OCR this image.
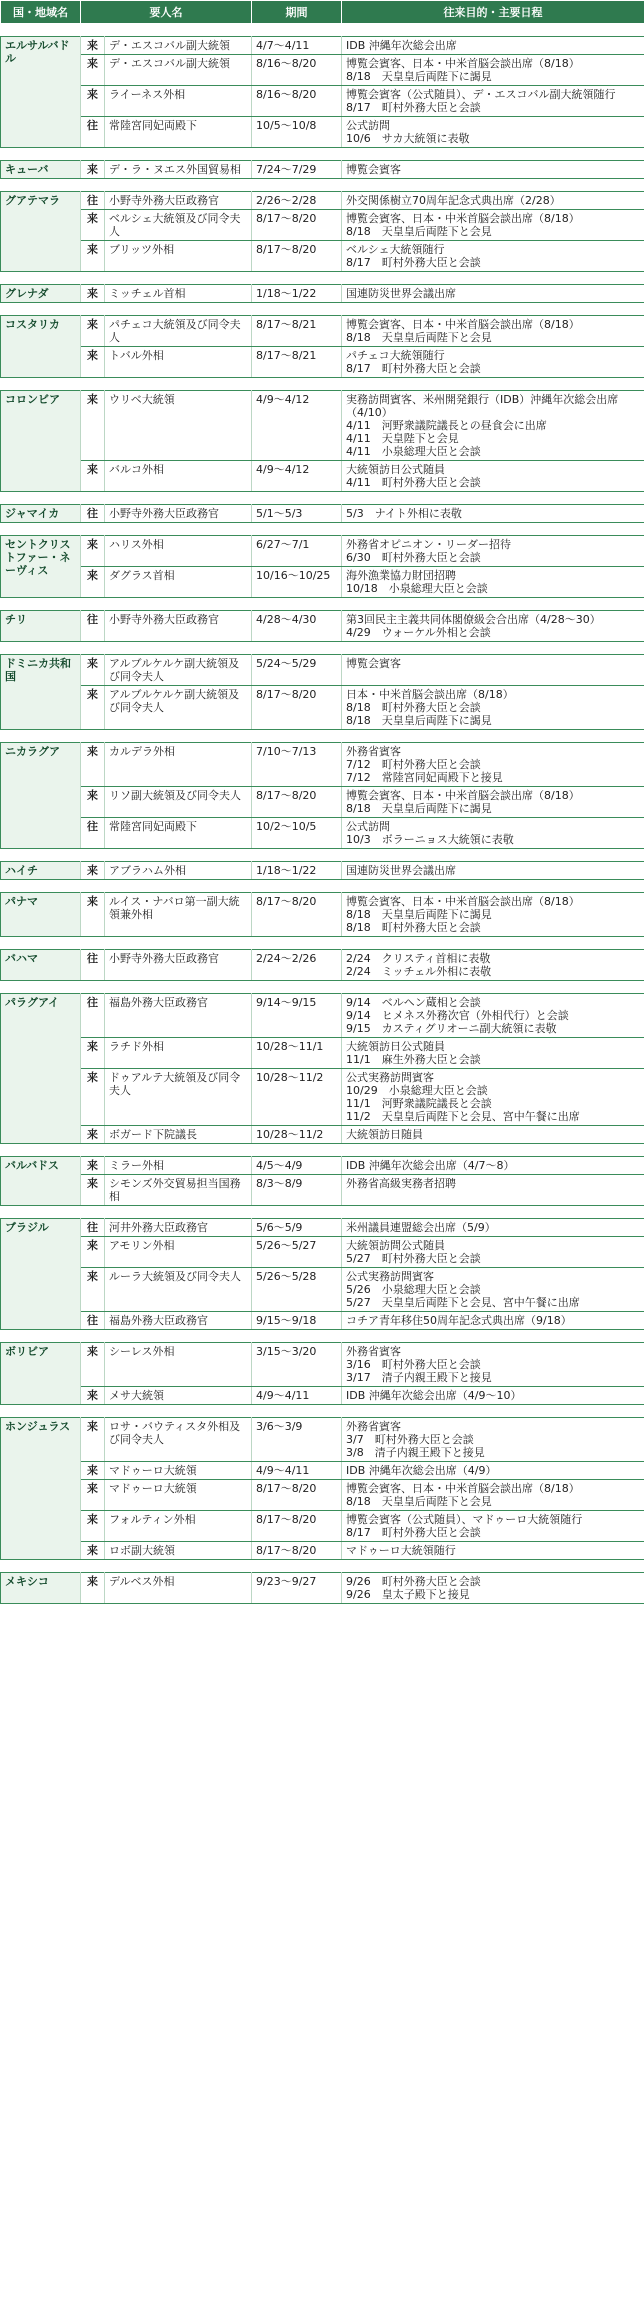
国・地域名	要人名		期間	往来目的・主要日程

エルサルバドル	来	デ・エスコバル副大統領	4/7〜4/11	IDB 沖縄年次総会出席

	来	デ・エスコバル副大統領	8/16〜8/20	博覧会賓客、日本・中米首脳会談出席（8/18）
8/18　天皇皇后両陛下に謁見

	来	ライーネス外相	8/16〜8/20	博覧会賓客（公式随員）、デ・エスコバル副大統領随行
8/17　町村外務大臣と会談

	往	常陸宮同妃両殿下	10/5〜10/8	公式訪問
10/6　サカ大統領に表敬

キューバ	来	デ・ラ・ヌエス外国貿易相	7/24〜7/29	博覧会賓客

グアテマラ	往	小野寺外務大臣政務官	2/26〜2/28	外交関係樹立70周年記念式典出席（2/28）

	来	ベルシェ大統領及び同令夫人	8/17〜8/20	博覧会賓客、日本・中米首脳会談出席（8/18）
8/18　天皇皇后両陛下と会見

	来	ブリッツ外相	8/17〜8/20	ベルシェ大統領随行
8/17　町村外務大臣と会談

グレナダ	来	ミッチェル首相	1/18〜1/22	国連防災世界会議出席

コスタリカ	来	パチェコ大統領及び同令夫人	8/17〜8/21	博覧会賓客、日本・中米首脳会談出席（8/18）
8/18　天皇皇后両陛下と会見

	来	トバル外相	8/17〜8/21	パチェコ大統領随行
8/17　町村外務大臣と会談

コロンビア	来	ウリベ大統領	4/9〜4/12	実務訪問賓客、米州開発銀行（IDB）沖縄年次総会出席（4/10）
4/11　河野衆議院議長との昼食会に出席
4/11　天皇陛下と会見
4/11　小泉総理大臣と会談

	来	バルコ外相	4/9〜4/12	大統領訪日公式随員
4/11　町村外務大臣と会談

ジャマイカ	往	小野寺外務大臣政務官	5/1〜5/3	5/3　ナイト外相に表敬

セントクリストファー・ネーヴィス	来	ハリス外相	6/27〜7/1	外務省オピニオン・リーダー招待
6/30　町村外務大臣と会談

	来	ダグラス首相	10/16〜10/25	海外漁業協力財団招聘
10/18　小泉総理大臣と会談

チリ	往	小野寺外務大臣政務官	4/28〜4/30	第3回民主主義共同体閣僚級会合出席（4/28〜30）
4/29　ウォーケル外相と会談

ドミニカ共和国	来	アルブルケルケ副大統領及び同令夫人	5/24〜5/29	博覧会賓客

	来	アルブルケルケ副大統領及び同令夫人	8/17〜8/20	日本・中米首脳会談出席（8/18）
8/18　町村外務大臣と会談
8/18　天皇皇后両陛下に謁見

ニカラグア	来	カルデラ外相	7/10〜7/13	外務省賓客
7/12　町村外務大臣と会談
7/12　常陸宮同妃両殿下と接見

	来	リソ副大統領及び同令夫人	8/17〜8/20	博覧会賓客、日本・中米首脳会談出席（8/18）
8/18　天皇皇后両陛下に謁見

	往	常陸宮同妃両殿下	10/2〜10/5	公式訪問
10/3　ボラーニョス大統領に表敬

ハイチ	来	アブラハム外相	1/18〜1/22	国連防災世界会議出席

パナマ	来	ルイス・ナバロ第一副大統領兼外相	8/17〜8/20	博覧会賓客、日本・中米首脳会談出席（8/18）
8/18　天皇皇后両陛下に謁見
8/18　町村外務大臣と会談

バハマ	往	小野寺外務大臣政務官	2/24〜2/26	2/24　クリスティ首相に表敬
2/24　ミッチェル外相に表敬

パラグアイ	往	福島外務大臣政務官	9/14〜9/15	9/14　ベルヘン蔵相と会談
9/14　ヒメネス外務次官（外相代行）と会談
9/15　カスティグリオーニ副大統領に表敬

	来	ラチド外相	10/28〜11/1	大統領訪日公式随員
11/1　麻生外務大臣と会談

	来	ドゥアルテ大統領及び同令夫人	10/28〜11/2	公式実務訪問賓客
10/29　小泉総理大臣と会談
11/1　河野衆議院議長と会談
11/2　天皇皇后両陛下と会見、宮中午餐に出席

	来	ボガード下院議長	10/28〜11/2	大統領訪日随員

バルバドス	来	ミラー外相	4/5〜4/9	IDB 沖縄年次総会出席（4/7〜8）

	来	シモンズ外交貿易担当国務相	8/3〜8/9	外務省高級実務者招聘

ブラジル	往	河井外務大臣政務官	5/6〜5/9	米州議員連盟総会出席（5/9）

	来	アモリン外相	5/26〜5/27	大統領訪問公式随員
5/27　町村外務大臣と会談

	来	ルーラ大統領及び同令夫人	5/26〜5/28	公式実務訪問賓客
5/26　小泉総理大臣と会談
5/27　天皇皇后両陛下と会見、宮中午餐に出席

	往	福島外務大臣政務官	9/15〜9/18	コチア青年移住50周年記念式典出席（9/18）

ボリビア	来	シーレス外相	3/15〜3/20	外務省賓客
3/16　町村外務大臣と会談
3/17　清子内親王殿下と接見

	来	メサ大統領	4/9〜4/11	IDB 沖縄年次総会出席（4/9〜10）

ホンジュラス	来	ロサ・バウティスタ外相及び同令夫人	3/6〜3/9	外務省賓客
3/7　町村外務大臣と会談
3/8　清子内親王殿下と接見

	来	マドゥーロ大統領	4/9〜4/11	IDB 沖縄年次総会出席（4/9）

	来	マドゥーロ大統領	8/17〜8/20	博覧会賓客、日本・中米首脳会談出席（8/18）
8/18　天皇皇后両陛下と会見

	来	フォルティン外相	8/17〜8/20	博覧会賓客（公式随員）、マドゥーロ大統領随行
8/17　町村外務大臣と会談

	来	ロボ副大統領	8/17〜8/20	マドゥーロ大統領随行

メキシコ	来	デルベス外相	9/23〜9/27	9/26　町村外務大臣と会談
9/26　皇太子殿下と接見
